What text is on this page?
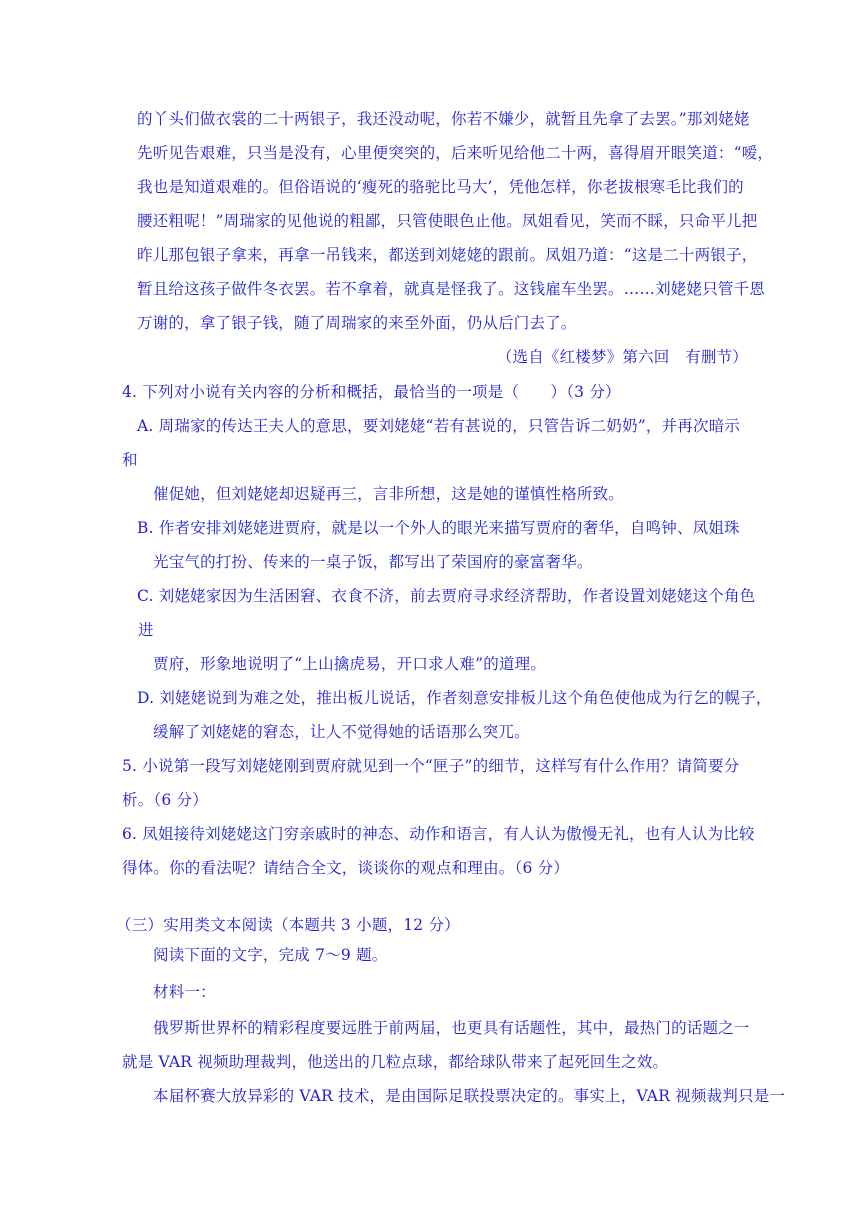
的丫头们做衣裳的二十两银子，我还没动呢，你若不嫌少，就暂且先拿了去罢。”那刘姥姥
先听见告艰难，只当是没有，心里便突突的，后来听见给他二十两，喜得眉开眼笑道：“嗳，
我也是知道艰难的。但俗语说的‘瘦死的骆驼比马大’，凭他怎样，你老拔根寒毛比我们的
腰还粗呢！”周瑞家的见他说的粗鄙，只管使眼色止他。凤姐看见，笑而不睬，只命平儿把
昨儿那包银子拿来，再拿一吊钱来，都送到刘姥姥的跟前。凤姐乃道：“这是二十两银子，
暂且给这孩子做件冬衣罢。若不拿着，就真是怪我了。这钱雇车坐罢。……刘姥姥只管千恩
万谢的，拿了银子钱，随了周瑞家的来至外面，仍从后门去了。
（选自《红楼梦》第六回　有删节）
4. 下列对小说有关内容的分析和概括，最恰当的一项是（　　）（3 分）
A. 周瑞家的传达王夫人的意思，要刘姥姥“若有甚说的，只管告诉二奶奶”，并再次暗示
和
催促她，但刘姥姥却迟疑再三，言非所想，这是她的谨慎性格所致。
B. 作者安排刘姥姥进贾府，就是以一个外人的眼光来描写贾府的奢华，自鸣钟、凤姐珠
光宝气的打扮、传来的一桌子饭，都写出了荣国府的豪富奢华。
C. 刘姥姥家因为生活困窘、衣食不济，前去贾府寻求经济帮助，作者设置刘姥姥这个角色
进
贾府，形象地说明了“上山擒虎易，开口求人难”的道理。
D. 刘姥姥说到为难之处，推出板儿说话，作者刻意安排板儿这个角色使他成为行乞的幌子，
缓解了刘姥姥的窘态，让人不觉得她的话语那么突兀。
5. 小说第一段写刘姥姥刚到贾府就见到一个“匣子”的细节，这样写有什么作用？请简要分
析。（6 分）
6. 凤姐接待刘姥姥这门穷亲戚时的神态、动作和语言，有人认为傲慢无礼，也有人认为比较
得体。你的看法呢？请结合全文，谈谈你的观点和理由。（6 分）
（三）实用类文本阅读（本题共 3 小题，12 分）
阅读下面的文字，完成 7～9 题。
材料一：
俄罗斯世界杯的精彩程度要远胜于前两届，也更具有话题性，其中，最热门的话题之一
就是 VAR 视频助理裁判，他送出的几粒点球，都给球队带来了起死回生之效。
本届杯赛大放异彩的 VAR 技术，是由国际足联投票决定的。事实上，VAR 视频裁判只是一
